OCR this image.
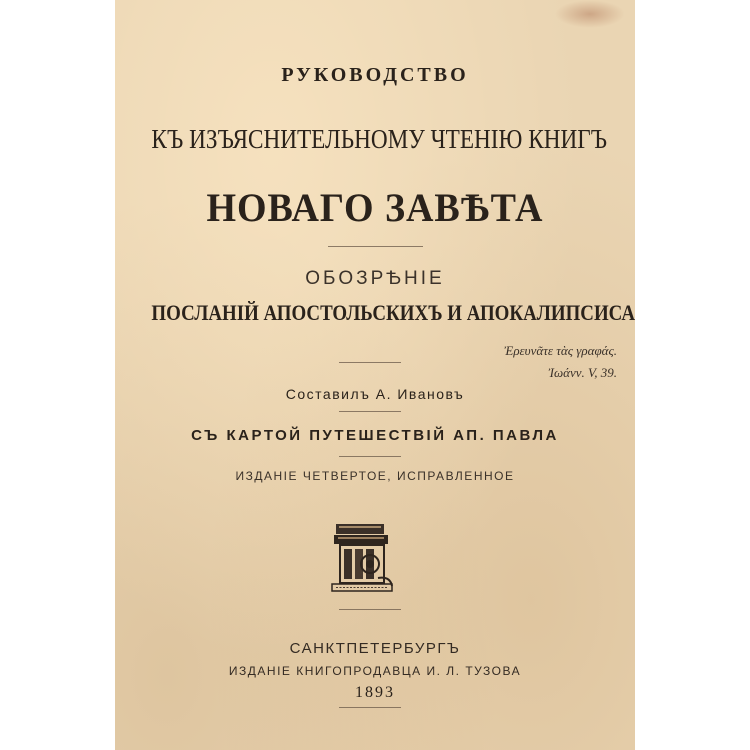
РУКОВОДСТВО
КЪ ИЗЪЯСНИТЕЛЬНОМУ ЧТЕНІЮ КНИГЪ
НОВАГО ЗАВѢТА
ОБОЗРѢНІЕ
ПОСЛАНІЙ АПОСТОЛЬСКИХЪ И АПОКАЛИПСИСА
Ἐρευνᾶτε τὰς γραφάς.
Ἰωάνν. V, 39.
Составилъ А. Ивановъ
СЪ КАРТОЙ ПУТЕШЕСТВІЙ АП. ПАВЛА
ИЗДАНІЕ ЧЕТВЕРТОЕ, ИСПРАВЛЕННОЕ
САНКТПЕТЕРБУРГЪ
ИЗДАНІЕ КНИГОПРОДАВЦА И. Л. ТУЗОВА
1893
